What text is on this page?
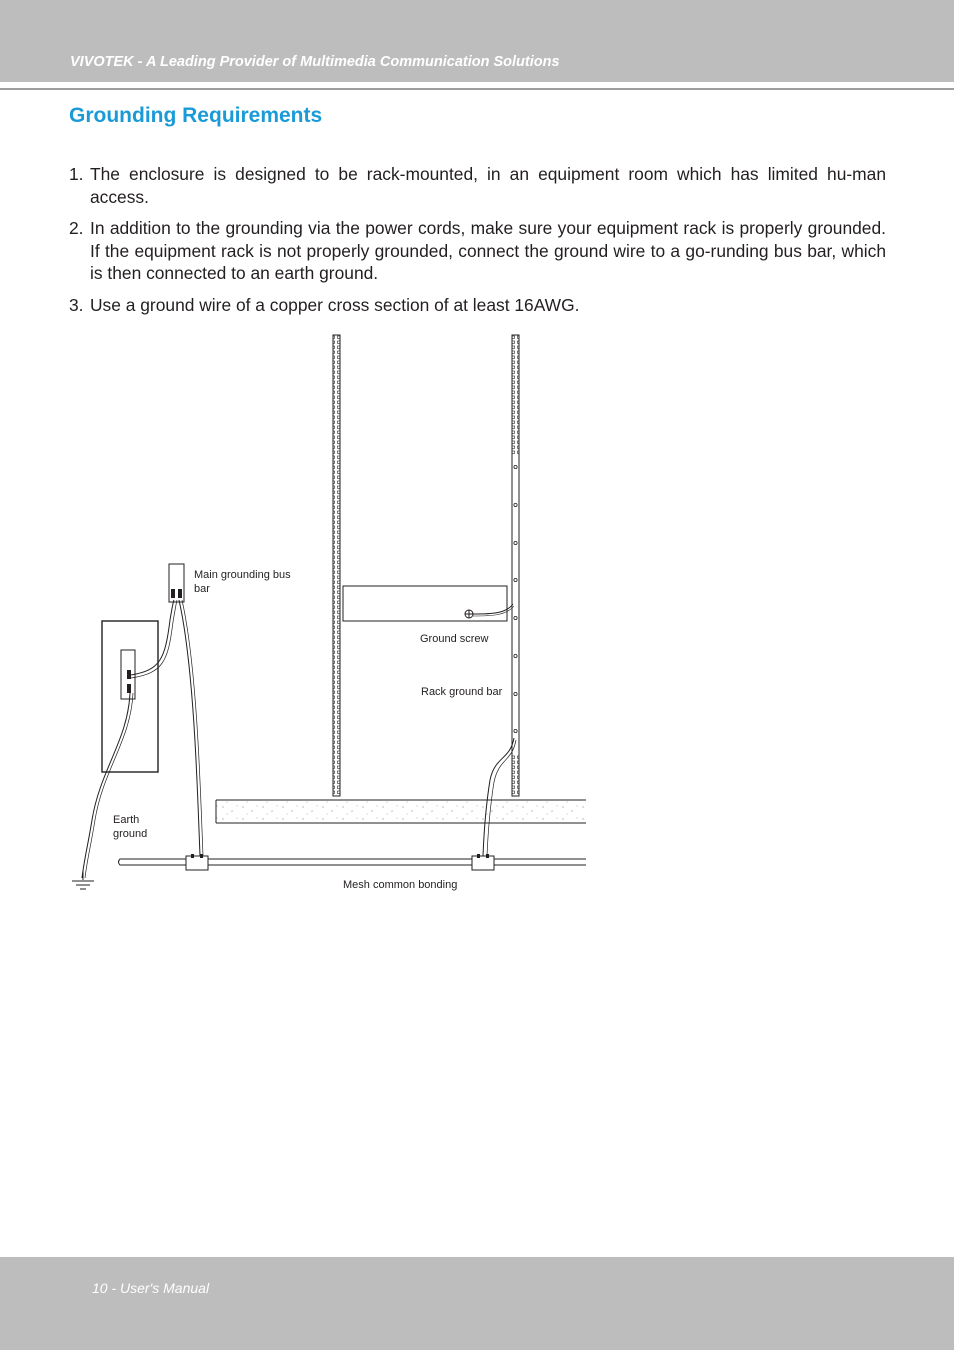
VIVOTEK - A Leading Provider of Multimedia Communication Solutions
Grounding Requirements
1. The enclosure is designed to be rack-mounted, in an equipment room which has limited hu-man access.
2. In addition to the grounding via the power cords, make sure your equipment rack is properly grounded. If the equipment rack is not properly grounded, connect the ground wire to a go-runding bus bar, which is then connected to an earth ground.
3. Use a ground wire of a copper cross section of at least 16AWG.
Main grounding bus
bar
Ground screw
Rack ground bar
Earth
ground
Mesh common bonding
10 - User's Manual
